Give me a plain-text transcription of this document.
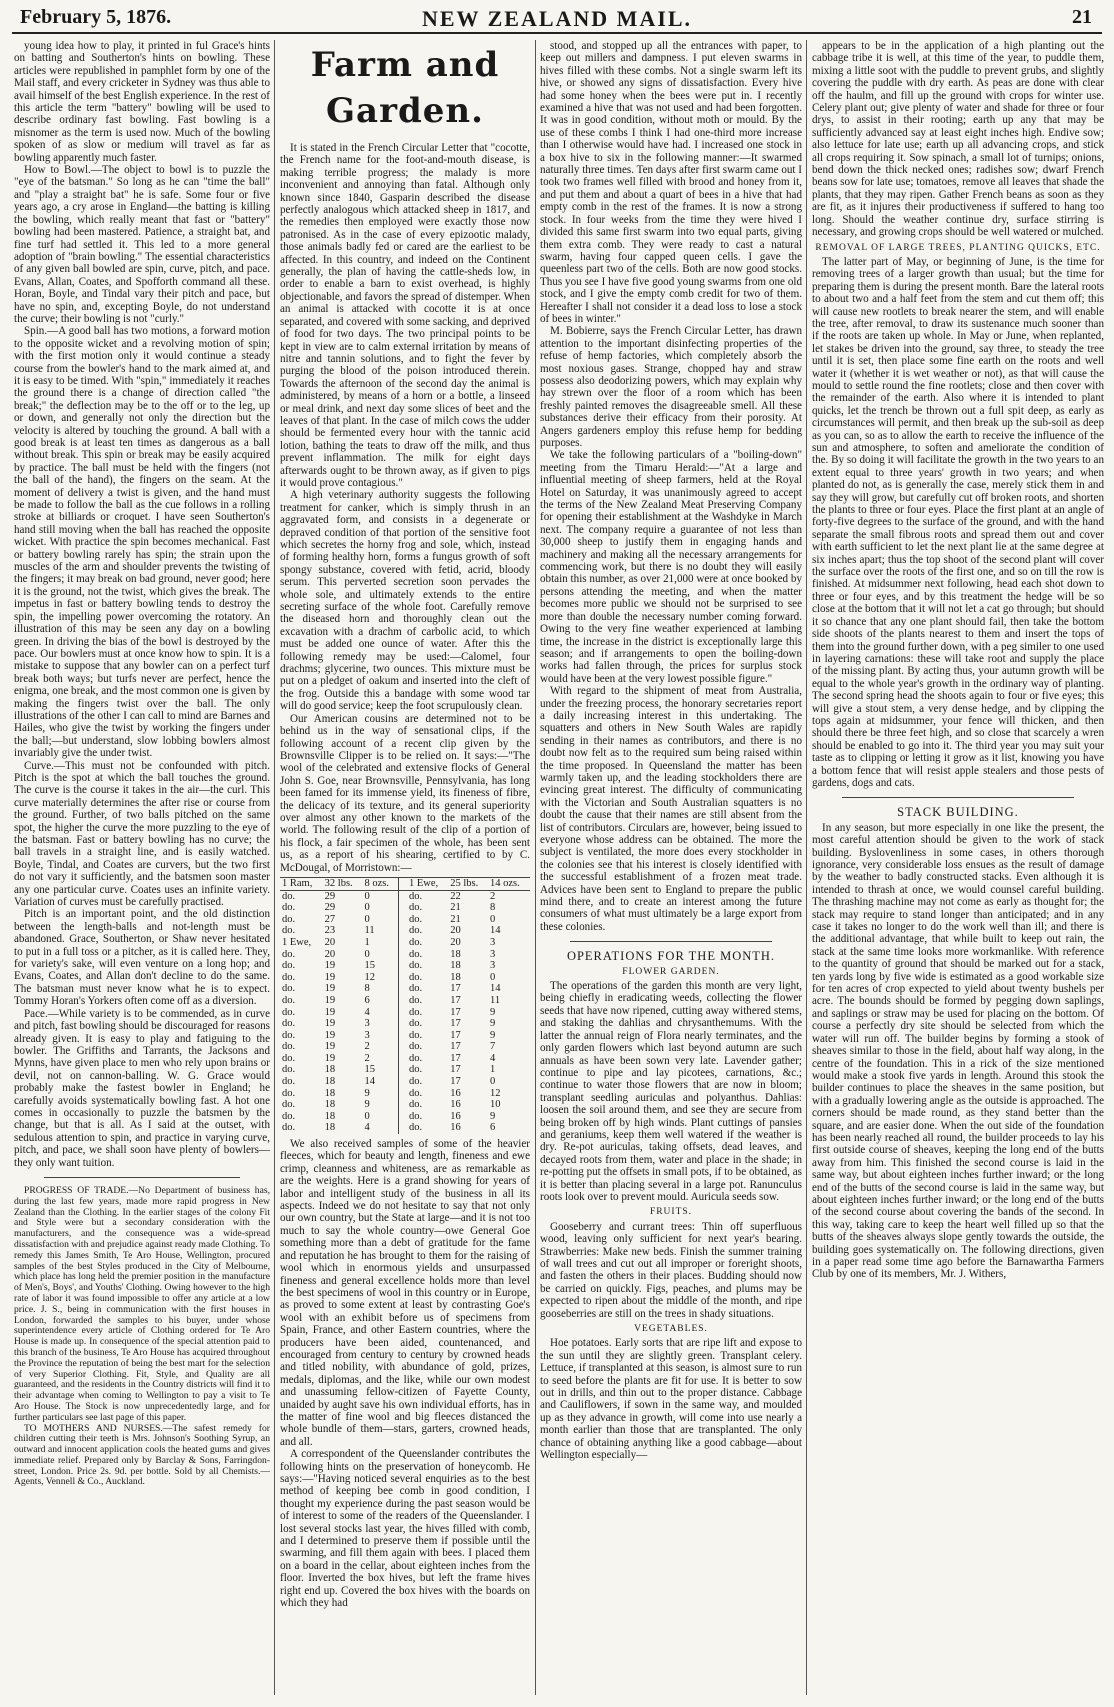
February 5, 1876.	NEW ZEALAND MAIL.	21

young idea how to play, it printed in ful Grace's hints on batting and Southerton's hints on bowling. These articles were republished in pamphlet form by one of the Mail staff, and every cricketer in Sydney was thus able to avail himself of the best English experience. In the rest of this article the term "battery" bowling will be used to describe ordinary fast bowling. Fast bowling is a misnomer as the term is used now. Much of the bowling spoken of as slow or medium will travel as far as bowling apparently much faster.

How to Bowl.—The object to bowl is to puzzle the "eye of the batsman." So long as he can "time the ball" and "play a straight bat" he is safe. Some four or five years ago, a cry arose in England—the batting is killing the bowling, which really meant that fast or "battery" bowling had been mastered. Patience, a straight bat, and fine turf had settled it. This led to a more general adoption of "brain bowling." The essential characteristics of any given ball bowled are spin, curve, pitch, and pace. Evans, Allan, Coates, and Spofforth command all these. Horan, Boyle, and Tindal vary their pitch and pace, but have no spin, and, excepting Boyle, do not understand the curve; their bowling is not "curly."

Spin.—A good ball has two motions, a forward motion to the opposite wicket and a revolving motion of spin; with the first motion only it would continue a steady course from the bowler's hand to the mark aimed at, and it is easy to be timed. With "spin," immediately it reaches the ground there is a change of direction called "the break;" the deflection may be to the off or to the leg, up or down, and generally not only the direction but the velocity is altered by touching the ground. A ball with a good break is at least ten times as dangerous as a ball without break. This spin or break may be easily acquired by practice. The ball must be held with the fingers (not the ball of the hand), the fingers on the seam. At the moment of delivery a twist is given, and the hand must be made to follow the ball as the cue follows in a rolling stroke at billiards or croquet. I have seen Southerton's hand still moving when the ball has reached the opposite wicket. With practice the spin becomes mechanical. Fast or battery bowling rarely has spin; the strain upon the muscles of the arm and shoulder prevents the twisting of the fingers; it may break on bad ground, never good; here it is the ground, not the twist, which gives the break. The impetus in fast or battery bowling tends to destroy the spin, the impelling power overcoming the rotatory. An illustration of this may be seen any day on a bowling green. In driving the bias of the bowl is destroyed by the pace. Our bowlers must at once know how to spin. It is a mistake to suppose that any bowler can on a perfect turf break both ways; but turfs never are perfect, hence the enigma, one break, and the most common one is given by making the fingers twist over the ball. The only illustrations of the other I can call to mind are Barnes and Hailes, who give the twist by working the fingers under the ball;—but understand, slow lobbing bowlers almost invariably give the under twist.

Curve.—This must not be confounded with pitch. Pitch is the spot at which the ball touches the ground. The curve is the course it takes in the air—the curl. This curve materially determines the after rise or course from the ground. Further, of two balls pitched on the same spot, the higher the curve the more puzzling to the eye of the batsman. Fast or battery bowling has no curve; the ball travels in a straight line, and is easily watched. Boyle, Tindal, and Coates are curvers, but the two first do not vary it sufficiently, and the batsmen soon master any one particular curve. Coates uses an infinite variety. Variation of curves must be carefully practised.

Pitch is an important point, and the old distinction between the length-balls and not-length must be abandoned. Grace, Southerton, or Shaw never hesitated to put in a full toss or a pitcher, as it is called here. They, for variety's sake, will even venture on a long hop; and Evans, Coates, and Allan don't decline to do the same. The batsman must never know what he is to expect. Tommy Horan's Yorkers often come off as a diversion.

Pace.—While variety is to be commended, as in curve and pitch, fast bowling should be discouraged for reasons already given. It is easy to play and fatiguing to the bowler. The Griffiths and Tarrants, the Jacksons and Mynns, have given place to men who rely upon brains or devil, not on cannon-balling. W. G. Grace would probably make the fastest bowler in England; he carefully avoids systematically bowling fast. A hot one comes in occasionally to puzzle the batsmen by the change, but that is all. As I said at the outset, with sedulous attention to spin, and practice in varying curve, pitch, and pace, we shall soon have plenty of bowlers—they only want tuition.

PROGRESS OF TRADE.—No Department of business has, during the last few years, made more rapid progress in New Zealand than the Clothing. In the earlier stages of the colony Fit and Style were but a secondary consideration with the manufacturers, and the consequence was a wide-spread dissatisfaction with and prejudice against ready made Clothing. To remedy this James Smith, Te Aro House, Wellington, procured samples of the best Styles produced in the City of Melbourne, which place has long held the premier position in the manufacture of Men's, Boys', and Youths' Clothing. Owing however to the high rate of labor it was found impossible to offer any article at a low price. J. S., being in communication with the first houses in London, forwarded the samples to his buyer, under whose superintendence every article of Clothing ordered for Te Aro House is made up. In consequence of the special attention paid to this branch of the business, Te Aro House has acquired throughout the Province the reputation of being the best mart for the selection of very Superior Clothing. Fit, Style, and Quality are all guaranteed, and the residents in the Country districts will find it to their advantage when coming to Wellington to pay a visit to Te Aro House. The Stock is now unprecedentedly large, and for further particulars see last page of this paper.

TO MOTHERS AND NURSES.—The safest remedy for children cutting their teeth is Mrs. Johnson's Soothing Syrup, an outward and innocent application cools the heated gums and gives immediate relief. Prepared only by Barclay & Sons, Farringdon-street, London. Price 2s. 9d. per bottle. Sold by all Chemists.—Agents, Vennell & Co., Auckland.

Farm and Garden.

It is stated in the French Circular Letter that "cocotte, the French name for the foot-and-mouth disease, is making terrible progress; the malady is more inconvenient and annoying than fatal. Although only known since 1840, Gasparin described the disease perfectly analogous which attacked sheep in 1817, and the remedies then employed were exactly those now patronised. As in the case of every epizootic malady, those animals badly fed or cared are the earliest to be affected. In this country, and indeed on the Continent generally, the plan of having the cattle-sheds low, in order to enable a barn to exist overhead, is highly objectionable, and favors the spread of distemper. When an animal is attacked with cocotte it is at once separated, and covered with some sacking, and deprived of food for two days. The two principal points to be kept in view are to calm external irritation by means of nitre and tannin solutions, and to fight the fever by purging the blood of the poison introduced therein. Towards the afternoon of the second day the animal is administered, by means of a horn or a bottle, a linseed or meal drink, and next day some slices of beet and the leaves of that plant. In the case of milch cows the udder should be fermented every hour with the tannic acid lotion, bathing the teats to draw off the milk, and thus prevent inflammation. The milk for eight days afterwards ought to be thrown away, as if given to pigs it would prove contagious."

A high veterinary authority suggests the following treatment for canker, which is simply thrush in an aggravated form, and consists in a degenerate or depraved condition of that portion of the sensitive foot which secretes the horny frog and sole, which, instead of forming healthy horn, forms a fungus growth of soft spongy substance, covered with fetid, acrid, bloody serum. This perverted secretion soon pervades the whole sole, and ultimately extends to the entire secreting surface of the whole foot. Carefully remove the diseased horn and thoroughly clean out the excavation with a drachm of carbolic acid, to which must be added one ounce of water. After this the following remedy may be used:—Calomel, four drachms; glycerine, two ounces. This mixture must be put on a pledget of oakum and inserted into the cleft of the frog. Outside this a bandage with some wood tar will do good service; keep the foot scrupulously clean.

Our American cousins are determined not to be behind us in the way of sensational clips, if the following account of a recent clip given by the Brownsville Clipper is to be relied on. It says:—"The wool of the celebrated and extensive flocks of General John S. Goe, near Brownsville, Pennsylvania, has long been famed for its immense yield, its fineness of fibre, the delicacy of its texture, and its general superiority over almost any other known to the markets of the world. The following result of the clip of a portion of his flock, a fair specimen of the whole, has been sent us, as a report of his shearing, certified to by C. McDougal, of Morristown:—

1 Ram,	32 lbs.	8 ozs.		1 Ewe,	25 lbs.	14 ozs.
do.	29	0		do.	22	2
do.	29	0		do.	21	8
do.	27	0		do.	21	0
do.	23	11		do.	20	14
1 Ewe,	20	1		do.	20	3
do.	20	0		do.	18	3
do.	19	15		do.	18	3
do.	19	12		do.	18	0
do.	19	8		do.	17	14
do.	19	6		do.	17	11
do.	19	4		do.	17	9
do.	19	3		do.	17	9
do.	19	3		do.	17	9
do.	19	2		do.	17	7
do.	19	2		do.	17	4
do.	18	15		do.	17	1
do.	18	14		do.	17	0
do.	18	9		do.	16	12
do.	18	9		do.	16	10
do.	18	0		do.	16	9
do.	18	4		do.	16	6

We also received samples of some of the heavier fleeces, which for beauty and length, fineness and ewe crimp, cleanness and whiteness, are as remarkable as are the weights. Here is a grand showing for years of labor and intelligent study of the business in all its aspects. Indeed we do not hesitate to say that not only our own country, but the State at large—and it is not too much to say the whole country—owe General Goe something more than a debt of gratitude for the fame and reputation he has brought to them for the raising of wool which in enormous yields and unsurpassed fineness and general excellence holds more than level the best specimens of wool in this country or in Europe, as proved to some extent at least by contrasting Goe's wool with an exhibit before us of specimens from Spain, France, and other Eastern countries, where the producers have been aided, countenanced, and encouraged from century to century by crowned heads and titled nobility, with abundance of gold, prizes, medals, diplomas, and the like, while our own modest and unassuming fellow-citizen of Fayette County, unaided by aught save his own individual efforts, has in the matter of fine wool and big fleeces distanced the whole bundle of them—stars, garters, crowned heads, and all.

A correspondent of the Queenslander contributes the following hints on the preservation of honeycomb. He says:—"Having noticed several enquiries as to the best method of keeping bee comb in good condition, I thought my experience during the past season would be of interest to some of the readers of the Queenslander. I lost several stocks last year, the hives filled with comb, and I determined to preserve them if possible until the swarming, and fill them again with bees. I placed them on a board in the cellar, about eighteen inches from the floor. Inverted the box hives, but left the frame hives right end up. Covered the box hives with the boards on which they had

stood, and stopped up all the entrances with paper, to keep out millers and dampness. I put eleven swarms in hives filled with these combs. Not a single swarm left its hive, or showed any signs of dissatisfaction. Every hive had some honey when the bees were put in. I recently examined a hive that was not used and had been forgotten. It was in good condition, without moth or mould. By the use of these combs I think I had one-third more increase than I otherwise would have had. I increased one stock in a box hive to six in the following manner:—It swarmed naturally three times. Ten days after first swarm came out I took two frames well filled with brood and honey from it, and put them and about a quart of bees in a hive that had empty comb in the rest of the frames. It is now a strong stock. In four weeks from the time they were hived I divided this same first swarm into two equal parts, giving them extra comb. They were ready to cast a natural swarm, having four capped queen cells. I gave the queenless part two of the cells. Both are now good stocks. Thus you see I have five good young swarms from one old stock, and I give the empty comb credit for two of them. Hereafter I shall not consider it a dead loss to lose a stock of bees in winter."

M. Bobierre, says the French Circular Letter, has drawn attention to the important disinfecting properties of the refuse of hemp factories, which completely absorb the most noxious gases. Strange, chopped hay and straw possess also deodorizing powers, which may explain why hay strewn over the floor of a room which has been freshly painted removes the disagreeable smell. All these substances derive their efficacy from their porosity. At Angers gardeners employ this refuse hemp for bedding purposes.

We take the following particulars of a "boiling-down" meeting from the Timaru Herald:—"At a large and influential meeting of sheep farmers, held at the Royal Hotel on Saturday, it was unanimously agreed to accept the terms of the New Zealand Meat Preserving Company for opening their establishment at the Washdyke in March next. The company require a guarantee of not less than 30,000 sheep to justify them in engaging hands and machinery and making all the necessary arrangements for commencing work, but there is no doubt they will easily obtain this number, as over 21,000 were at once booked by persons attending the meeting, and when the matter becomes more public we should not be surprised to see more than double the necessary number coming forward. Owing to the very fine weather experienced at lambing time, the increase in the district is exceptionally large this season; and if arrangements to open the boiling-down works had fallen through, the prices for surplus stock would have been at the very lowest possible figure."

With regard to the shipment of meat from Australia, under the freezing process, the honorary secretaries report a daily increasing interest in this undertaking. The squatters and others in New South Wales are rapidly sending in their names as contributors, and there is no doubt now felt as to the required sum being raised within the time proposed. In Queensland the matter has been warmly taken up, and the leading stockholders there are evincing great interest. The difficulty of communicating with the Victorian and South Australian squatters is no doubt the cause that their names are still absent from the list of contributors. Circulars are, however, being issued to everyone whose address can be obtained. The more the subject is ventilated, the more does every stockholder in the colonies see that his interest is closely identified with the successful establishment of a frozen meat trade. Advices have been sent to England to prepare the public mind there, and to create an interest among the future consumers of what must ultimately be a large export from these colonies.

OPERATIONS FOR THE MONTH.
FLOWER GARDEN.

The operations of the garden this month are very light, being chiefly in eradicating weeds, collecting the flower seeds that have now ripened, cutting away withered stems, and staking the dahlias and chrysanthemums. With the latter the annual reign of Flora nearly terminates, and the only garden flowers which last beyond autumn are such annuals as have been sown very late. Lavender gather; continue to pipe and lay picotees, carnations, &c.; continue to water those flowers that are now in bloom; transplant seedling auriculas and polyanthus. Dahlias: loosen the soil around them, and see they are secure from being broken off by high winds. Plant cuttings of pansies and geraniums, keep them well watered if the weather is dry. Re-pot auriculas, taking offsets, dead leaves, and decayed roots from them, water and place in the shade; in re-potting put the offsets in small pots, if to be obtained, as it is better than placing several in a large pot. Ranunculus roots look over to prevent mould. Auricula seeds sow.

FRUITS.

Gooseberry and currant trees: Thin off superfluous wood, leaving only sufficient for next year's bearing. Strawberries: Make new beds. Finish the summer training of wall trees and cut out all improper or foreright shoots, and fasten the others in their places. Budding should now be carried on quickly. Figs, peaches, and plums may be expected to ripen about the middle of the month, and ripe gooseberries are still on the trees in shady situations.

VEGETABLES.

Hoe potatoes. Early sorts that are ripe lift and expose to the sun until they are slightly green. Transplant celery. Lettuce, if transplanted at this season, is almost sure to run to seed before the plants are fit for use. It is better to sow out in drills, and thin out to the proper distance. Cabbage and Cauliflowers, if sown in the same way, and moulded up as they advance in growth, will come into use nearly a month earlier than those that are transplanted. The only chance of obtaining anything like a good cabbage—about Wellington especially—

appears to be in the application of a high planting out the cabbage tribe it is well, at this time of the year, to puddle them, mixing a little soot with the puddle to prevent grubs, and slightly covering the puddle with dry earth. As peas are done with clear off the haulm, and fill up the ground with crops for winter use. Celery plant out; give plenty of water and shade for three or four drys, to assist in their rooting; earth up any that may be sufficiently advanced say at least eight inches high. Endive sow; also lettuce for late use; earth up all advancing crops, and stick all crops requiring it. Sow spinach, a small lot of turnips; onions, bend down the thick necked ones; radishes sow; dwarf French beans sow for late use; tomatoes, remove all leaves that shade the plants, that they may ripen. Gather French beans as soon as they are fit, as it injures their productiveness if suffered to hang too long. Should the weather continue dry, surface stirring is necessary, and growing crops should be well watered or mulched.

REMOVAL OF LARGE TREES, PLANTING QUICKS, ETC.

The latter part of May, or beginning of June, is the time for removing trees of a larger growth than usual; but the time for preparing them is during the present month. Bare the lateral roots to about two and a half feet from the stem and cut them off; this will cause new rootlets to break nearer the stem, and will enable the tree, after removal, to draw its sustenance much sooner than if the roots are taken up whole. In May or June, when replanted, let stakes be driven into the ground, say three, to steady the tree until it is set, then place some fine earth on the roots and well water it (whether it is wet weather or not), as that will cause the mould to settle round the fine rootlets; close and then cover with the remainder of the earth. Also where it is intended to plant quicks, let the trench be thrown out a full spit deep, as early as circumstances will permit, and then break up the sub-soil as deep as you can, so as to allow the earth to receive the influence of the sun and atmosphere, to soften and ameliorate the condition of the. By so doing it will facilitate the growth in the two years to an extent equal to three years' growth in two years; and when planted do not, as is generally the case, merely stick them in and say they will grow, but carefully cut off broken roots, and shorten the plants to three or four eyes. Place the first plant at an angle of forty-five degrees to the surface of the ground, and with the hand separate the small fibrous roots and spread them out and cover with earth sufficient to let the next plant lie at the same degree at six inches apart; thus the top shoot of the second plant will cover the surface over the roots of the first one, and so on till the row is finished. At midsummer next following, head each shot down to three or four eyes, and by this treatment the hedge will be so close at the bottom that it will not let a cat go through; but should it so chance that any one plant should fail, then take the bottom side shoots of the plants nearest to them and insert the tops of them into the ground further down, with a peg similer to one used in layering carnations: these will take root and supply the place of the missing plant. By acting thus, your autumn growth will be equal to the whole year's growth in the ordinary way of planting. The second spring head the shoots again to four or five eyes; this will give a stout stem, a very dense hedge, and by clipping the tops again at midsummer, your fence will thicken, and then should there be three feet high, and so close that scarcely a wren should be enabled to go into it. The third year you may suit your taste as to clipping or letting it grow as it list, knowing you have a bottom fence that will resist apple stealers and those pests of gardens, dogs and cats.

STACK BUILDING.

In any season, but more especially in one like the present, the most careful attention should be given to the work of stack building. Byslovenliness in some cases, in others thorough ignorance, very considerable loss ensues as the result of damage by the weather to badly constructed stacks. Even although it is intended to thrash at once, we would counsel careful building. The thrashing machine may not come as early as thought for; the stack may require to stand longer than anticipated; and in any case it takes no longer to do the work well than ill; and there is the additional advantage, that while built to keep out rain, the stack at the same time looks more workmanlike. With reference to the quantity of ground that should be marked out for a stack, ten yards long by five wide is estimated as a good workable size for ten acres of crop expected to yield about twenty bushels per acre. The bounds should be formed by pegging down saplings, and saplings or straw may be used for placing on the bottom. Of course a perfectly dry site should be selected from which the water will run off. The builder begins by forming a stook of sheaves similar to those in the field, about half way along, in the centre of the foundation. This in a rick of the size mentioned would make a stook five yards in length. Around this stook the builder continues to place the sheaves in the same position, but with a gradually lowering angle as the outside is approached. The corners should be made round, as they stand better than the square, and are easier done. When the out side of the foundation has been nearly reached all round, the builder proceeds to lay his first outside course of sheaves, keeping the long end of the butts away from him. This finished the second course is laid in the same way, but about eighteen inches further inward; or the long end of the butts of the second course is laid in the same way, but about eighteen inches further inward; or the long end of the butts of the second course about covering the bands of the second. In this way, taking care to keep the heart well filled up so that the butts of the sheaves always slope gently towards the outside, the building goes systematically on. The following directions, given in a paper read some time ago before the Barnawartha Farmers Club by one of its members, Mr. J. Withers,
